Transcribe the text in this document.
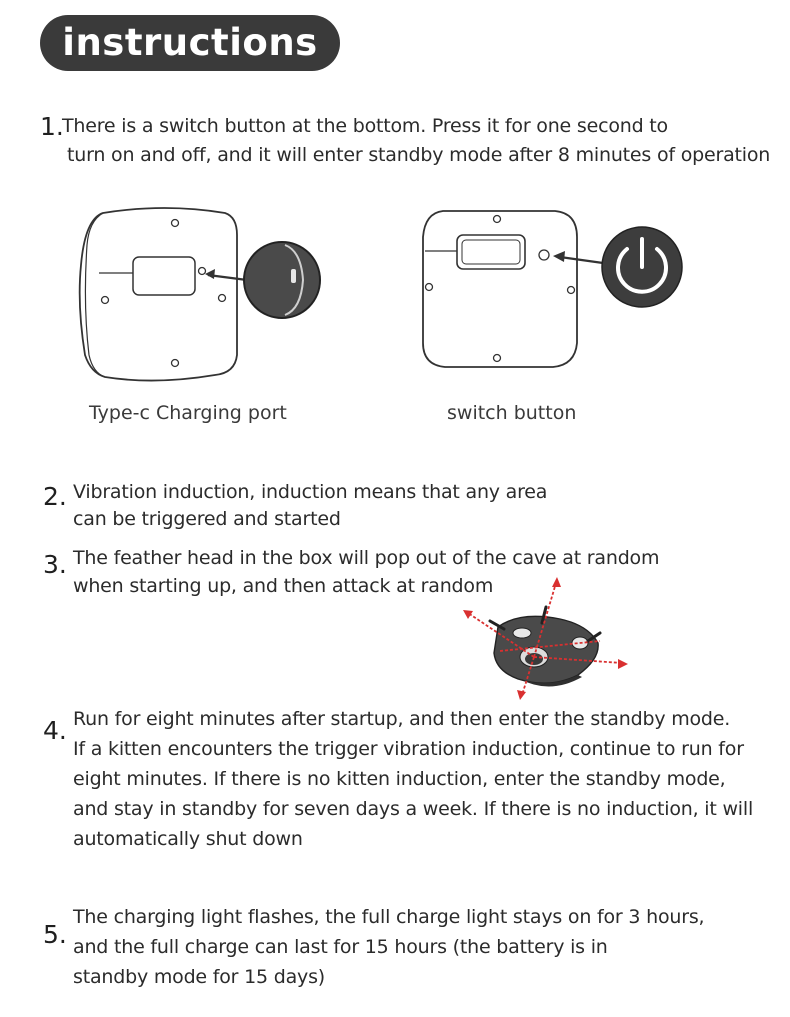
instructions
1.
There is a switch button at the bottom. Press it for one second to
turn on and off, and it will enter standby mode after 8 minutes of operation
Type-c Charging port	switch button
2. Vibration induction, induction means that any area
can be triggered and started
3. The feather head in the box will pop out of the cave at random
when starting up, and then attack at random
4. Run for eight minutes after startup, and then enter the standby mode.
If a kitten encounters the trigger vibration induction, continue to run for
eight minutes. If there is no kitten induction, enter the standby mode,
and stay in standby for seven days a week. If there is no induction, it will
automatically shut down
5.
The charging light flashes, the full charge light stays on for 3 hours,
and the full charge can last for 15 hours (the battery is in
standby mode for 15 days)
